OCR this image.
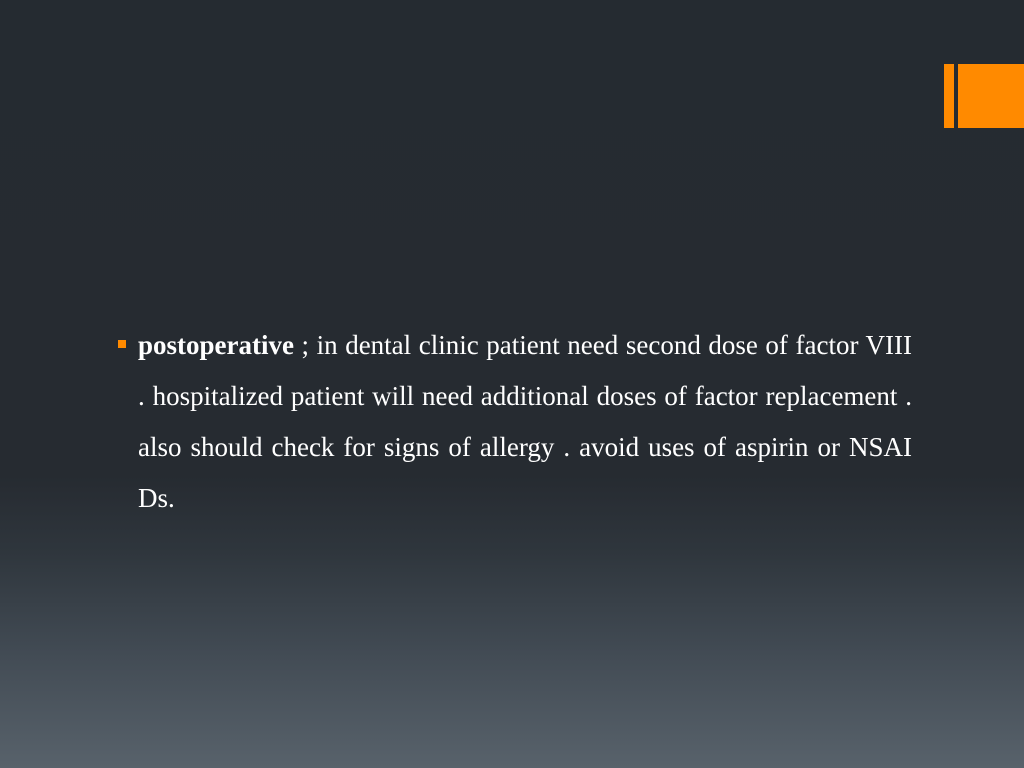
postoperative ; in dental clinic patient need second dose of factor VIII . hospitalized patient will need additional doses of factor replacement . also should check for signs of allergy . avoid uses of aspirin or NSAI Ds.
